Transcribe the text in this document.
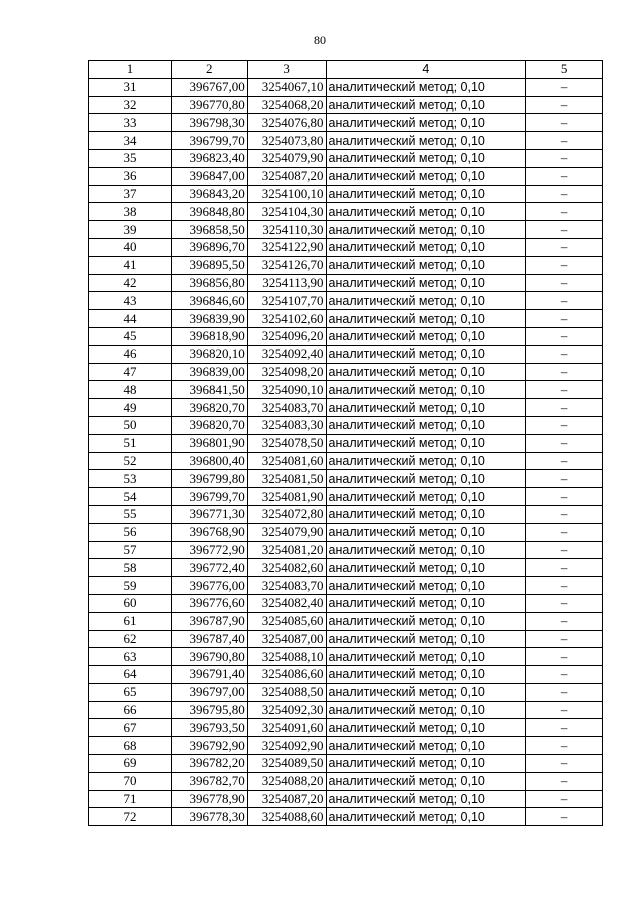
80
1	2	3	4	5
31	396767,00	3254067,10	аналитический метод; 0,10	–
32	396770,80	3254068,20	аналитический метод; 0,10	–
33	396798,30	3254076,80	аналитический метод; 0,10	–
34	396799,70	3254073,80	аналитический метод; 0,10	–
35	396823,40	3254079,90	аналитический метод; 0,10	–
36	396847,00	3254087,20	аналитический метод; 0,10	–
37	396843,20	3254100,10	аналитический метод; 0,10	–
38	396848,80	3254104,30	аналитический метод; 0,10	–
39	396858,50	3254110,30	аналитический метод; 0,10	–
40	396896,70	3254122,90	аналитический метод; 0,10	–
41	396895,50	3254126,70	аналитический метод; 0,10	–
42	396856,80	3254113,90	аналитический метод; 0,10	–
43	396846,60	3254107,70	аналитический метод; 0,10	–
44	396839,90	3254102,60	аналитический метод; 0,10	–
45	396818,90	3254096,20	аналитический метод; 0,10	–
46	396820,10	3254092,40	аналитический метод; 0,10	–
47	396839,00	3254098,20	аналитический метод; 0,10	–
48	396841,50	3254090,10	аналитический метод; 0,10	–
49	396820,70	3254083,70	аналитический метод; 0,10	–
50	396820,70	3254083,30	аналитический метод; 0,10	–
51	396801,90	3254078,50	аналитический метод; 0,10	–
52	396800,40	3254081,60	аналитический метод; 0,10	–
53	396799,80	3254081,50	аналитический метод; 0,10	–
54	396799,70	3254081,90	аналитический метод; 0,10	–
55	396771,30	3254072,80	аналитический метод; 0,10	–
56	396768,90	3254079,90	аналитический метод; 0,10	–
57	396772,90	3254081,20	аналитический метод; 0,10	–
58	396772,40	3254082,60	аналитический метод; 0,10	–
59	396776,00	3254083,70	аналитический метод; 0,10	–
60	396776,60	3254082,40	аналитический метод; 0,10	–
61	396787,90	3254085,60	аналитический метод; 0,10	–
62	396787,40	3254087,00	аналитический метод; 0,10	–
63	396790,80	3254088,10	аналитический метод; 0,10	–
64	396791,40	3254086,60	аналитический метод; 0,10	–
65	396797,00	3254088,50	аналитический метод; 0,10	–
66	396795,80	3254092,30	аналитический метод; 0,10	–
67	396793,50	3254091,60	аналитический метод; 0,10	–
68	396792,90	3254092,90	аналитический метод; 0,10	–
69	396782,20	3254089,50	аналитический метод; 0,10	–
70	396782,70	3254088,20	аналитический метод; 0,10	–
71	396778,90	3254087,20	аналитический метод; 0,10	–
72	396778,30	3254088,60	аналитический метод; 0,10	–
